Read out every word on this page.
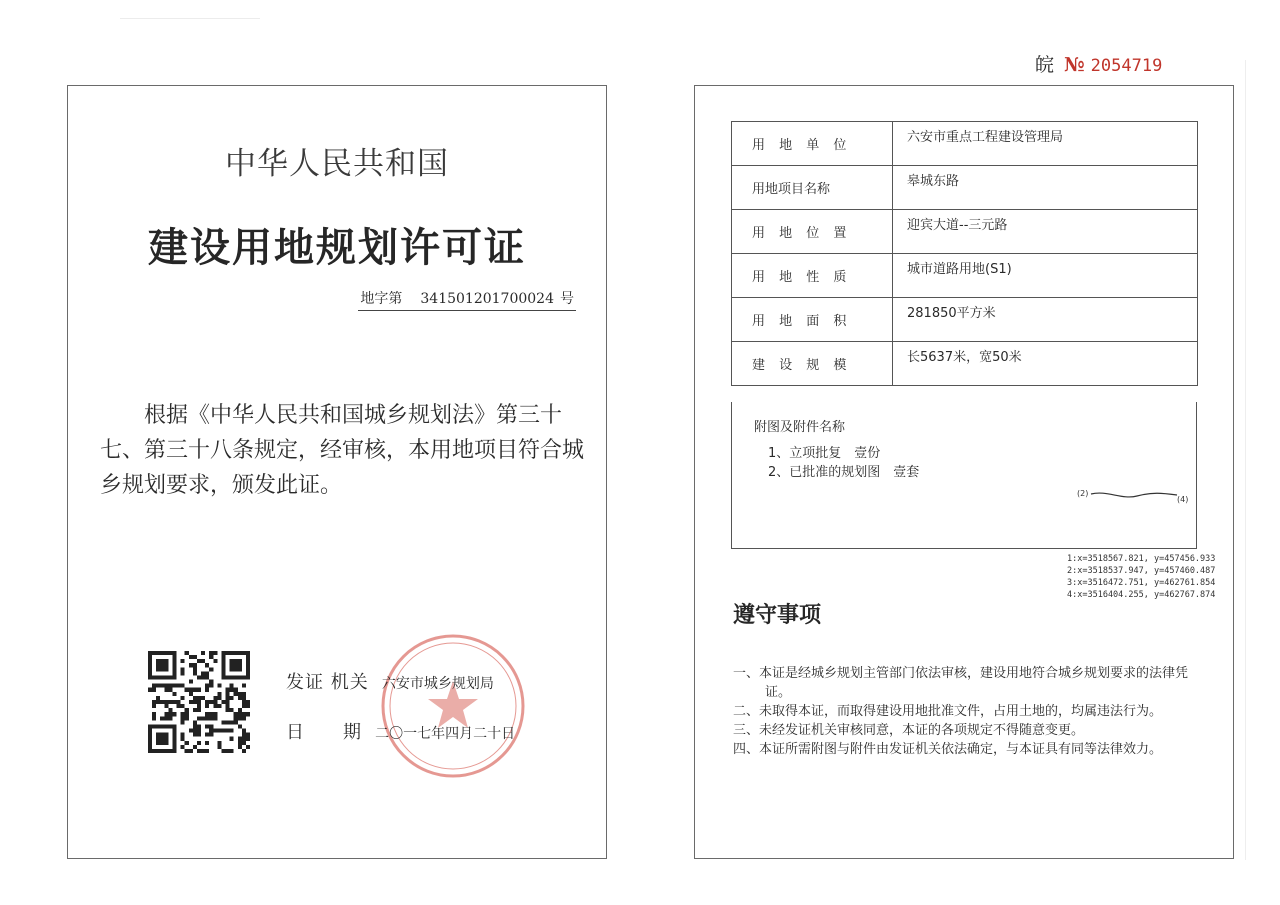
中华人民共和国
建设用地规划许可证
地字第 341501201700024 号
根据《中华人民共和国城乡规划法》第三十七、第三十八条规定，经审核，本用地项目符合城乡规划要求，颁发此证。
发证 机关 六安市城乡规划局
日　　期 二〇一七年四月二十日
皖 № 2054719
用 地 单 位	六安市重点工程建设管理局
用地项目名称	皋城东路
用 地 位 置	迎宾大道--三元路
用 地 性 质	城市道路用地(S1)
用 地 面 积	281850平方米
建 设 规 模	长5637米，宽50米
附图及附件名称
1、立项批复　壹份
2、已批准的规划图　壹套
(2)
(4)
1:x=3518567.821, y=457456.933
2:x=3518537.947, y=457460.487
3:x=3516472.751, y=462761.854
4:x=3516404.255, y=462767.874
遵守事项
一、本证是经城乡规划主管部门依法审核，建设用地符合城乡规划要求的法律凭证。
二、未取得本证，而取得建设用地批准文件，占用土地的，均属违法行为。
三、未经发证机关审核同意，本证的各项规定不得随意变更。
四、本证所需附图与附件由发证机关依法确定，与本证具有同等法律效力。
